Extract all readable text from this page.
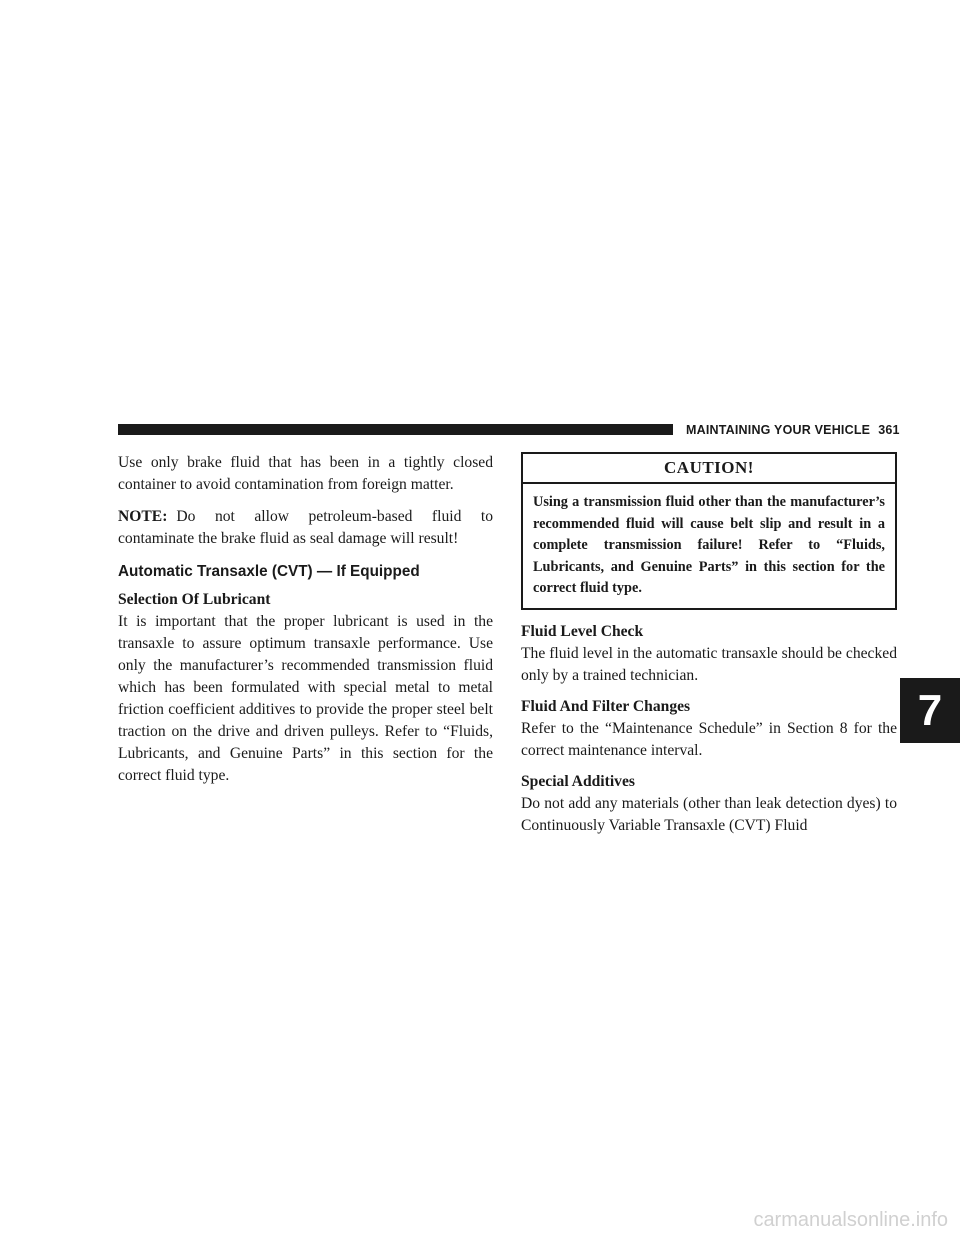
MAINTAINING YOUR VEHICLE 361

Use only brake fluid that has been in a tightly closed container to avoid contamination from foreign matter.

NOTE: Do not allow petroleum-based fluid to contaminate the brake fluid as seal damage will result!

Automatic Transaxle (CVT) — If Equipped
Selection Of Lubricant

It is important that the proper lubricant is used in the transaxle to assure optimum transaxle performance. Use only the manufacturer’s recommended transmission fluid which has been formulated with special metal to metal friction coefficient additives to provide the proper steel belt traction on the drive and driven pulleys. Refer to “Fluids, Lubricants, and Genuine Parts” in this section for the correct fluid type.

CAUTION!

Using a transmission fluid other than the manufacturer’s recommended fluid will cause belt slip and result in a complete transmission failure! Refer to “Fluids, Lubricants, and Genuine Parts” in this section for the correct fluid type.

Fluid Level Check

The fluid level in the automatic transaxle should be checked only by a trained technician.

Fluid And Filter Changes

Refer to the “Maintenance Schedule” in Section 8 for the correct maintenance interval.

Special Additives

Do not add any materials (other than leak detection dyes) to Continuously Variable Transaxle (CVT) Fluid

7
carmanualsonline.info
